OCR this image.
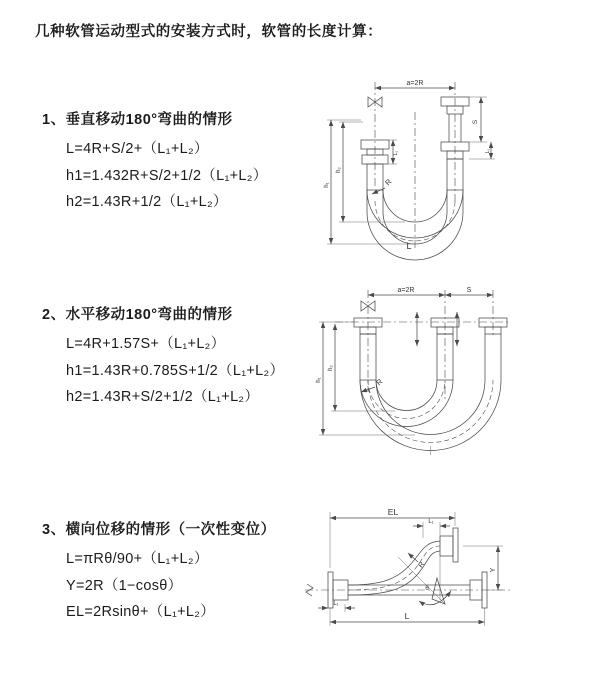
几种软管运动型式的安装方式时，软管的长度计算：
1、垂直移动180°弯曲的情形
L=4R+S/2+（L₁+L₂）
h1=1.432R+S/2+1/2（L₁+L₂）
h2=1.43R+1/2（L₁+L₂）
2、水平移动180°弯曲的情形
L=4R+1.57S+（L₁+L₂）
h1=1.43R+0.785S+1/2（L₁+L₂）
h2=1.43R+S/2+1/2（L₁+L₂）
3、横向位移的情形（一次性变位）
L=πRθ/90+（L₁+L₂）
Y=2R（1−cosθ）
EL=2Rsinθ+（L₁+L₂）
a=2R
S
L₁
L₁
h₁
h₂
R
L
a=2R	S
h₁
h₂
R
EL
L₁
Y
R
θ
L₁
L
